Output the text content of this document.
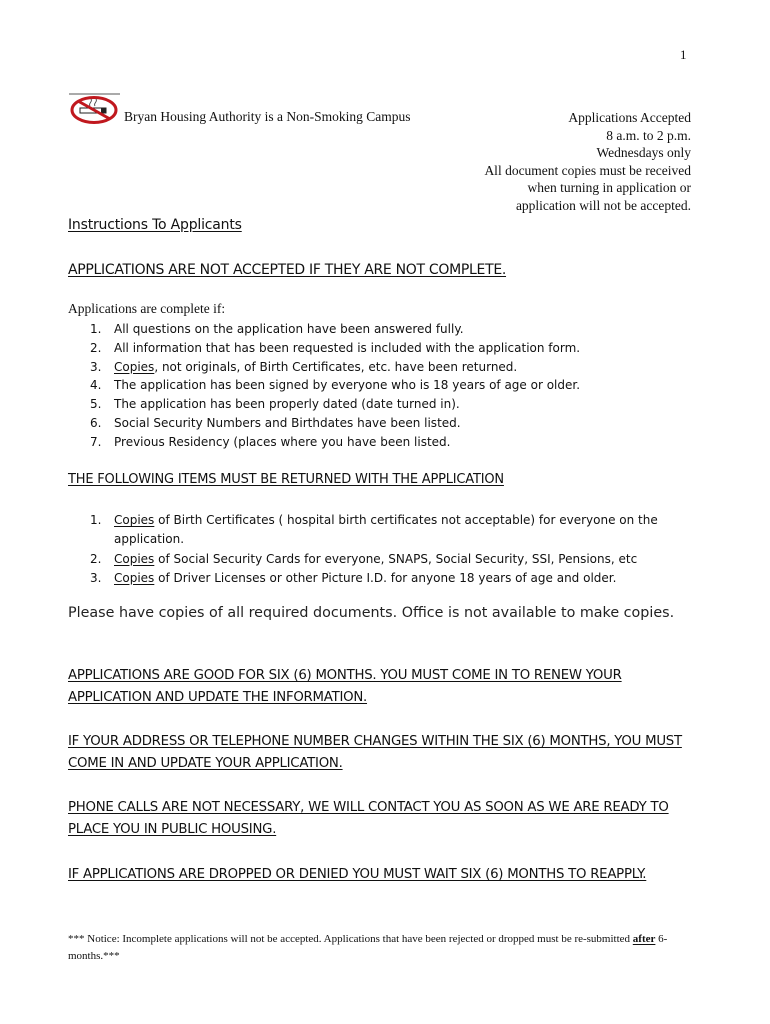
1
Bryan Housing Authority is a Non-Smoking Campus	Applications Accepted
8 a.m. to 2 p.m.
Wednesdays only
All document copies must be received
when turning in application or
application will not be accepted.
Instructions To Applicants
APPLICATIONS ARE NOT ACCEPTED IF THEY ARE NOT COMPLETE.
Applications are complete if:
1. All questions on the application have been answered fully.
2. All information that has been requested is included with the application form.
3. Copies, not originals, of Birth Certificates, etc. have been returned.
4. The application has been signed by everyone who is 18 years of age or older.
5. The application has been properly dated (date turned in).
6. Social Security Numbers and Birthdates have been listed.
7. Previous Residency (places where you have been listed.
THE FOLLOWING ITEMS MUST BE RETURNED WITH THE APPLICATION
1. Copies of Birth Certificates ( hospital birth certificates not acceptable) for everyone on the application.
2. Copies of Social Security Cards for everyone, SNAPS, Social Security, SSI, Pensions, etc
3. Copies of Driver Licenses or other Picture I.D. for anyone 18 years of age and older.
Please have copies of all required documents. Office is not available to make copies.
APPLICATIONS ARE GOOD FOR SIX (6) MONTHS. YOU MUST COME IN TO RENEW YOUR APPLICATION AND UPDATE THE INFORMATION.
IF YOUR ADDRESS OR TELEPHONE NUMBER CHANGES WITHIN THE SIX (6) MONTHS, YOU MUST COME IN AND UPDATE YOUR APPLICATION.
PHONE CALLS ARE NOT NECESSARY, WE WILL CONTACT YOU AS SOON AS WE ARE READY TO PLACE YOU IN PUBLIC HOUSING.
IF APPLICATIONS ARE DROPPED OR DENIED YOU MUST WAIT SIX (6) MONTHS TO REAPPLY.
*** Notice: Incomplete applications will not be accepted. Applications that have been rejected or dropped must be re-submitted after 6- months.***
